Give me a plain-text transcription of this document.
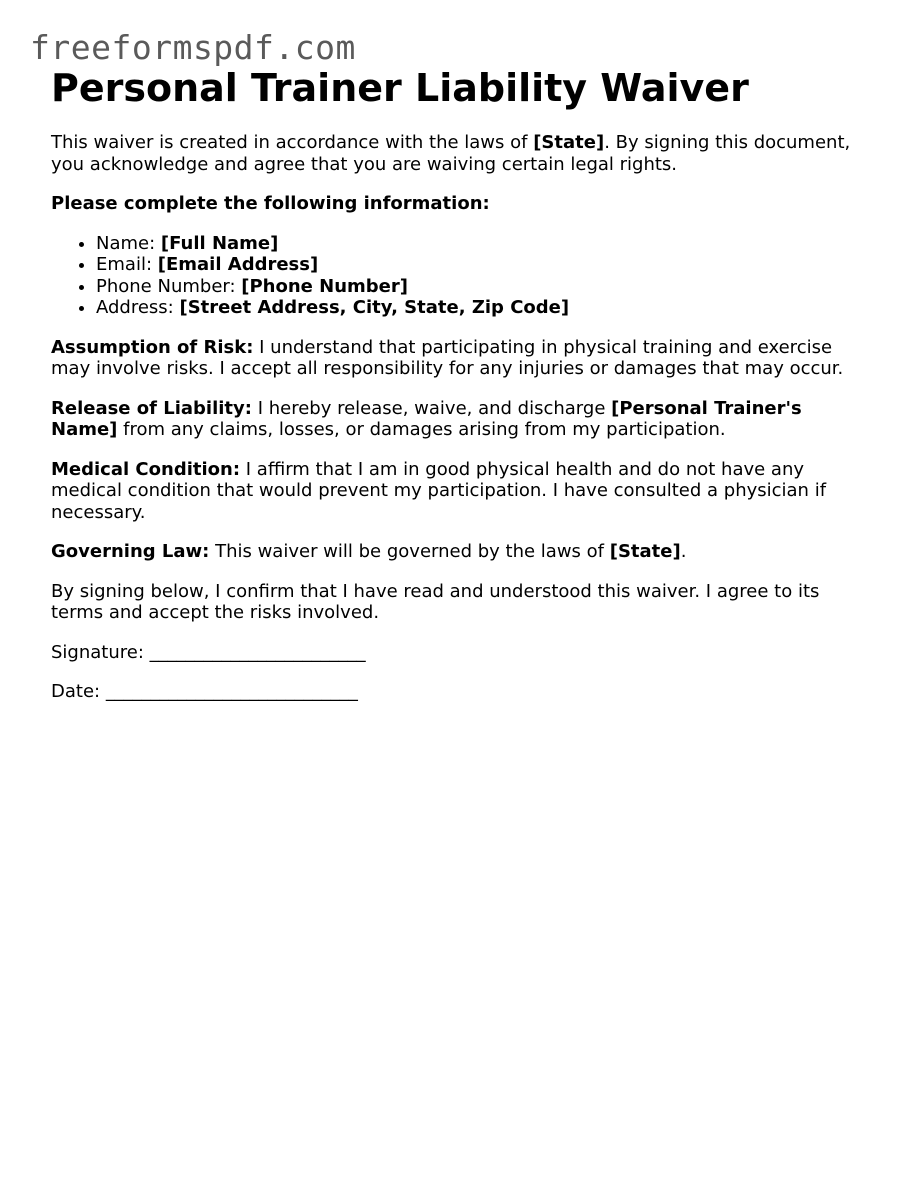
freeformspdf.com
Personal Trainer Liability Waiver

This waiver is created in accordance with the laws of [State]. By signing this document, you acknowledge and agree that you are waiving certain legal rights.

Please complete the following information:

• Name: [Full Name]
• Email: [Email Address]
• Phone Number: [Phone Number]
• Address: [Street Address, City, State, Zip Code]

Assumption of Risk: I understand that participating in physical training and exercise may involve risks. I accept all responsibility for any injuries or damages that may occur.

Release of Liability: I hereby release, waive, and discharge [Personal Trainer's Name] from any claims, losses, or damages arising from my participation.

Medical Condition: I affirm that I am in good physical health and do not have any medical condition that would prevent my participation. I have consulted a physician if necessary.

Governing Law: This waiver will be governed by the laws of [State].

By signing below, I confirm that I have read and understood this waiver. I agree to its terms and accept the risks involved.

Signature: ________________________

Date: ____________________________
